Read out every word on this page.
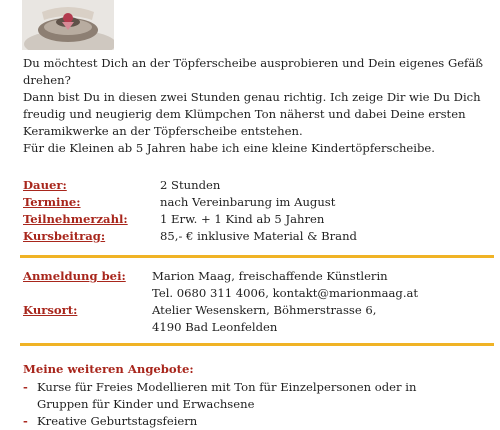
Du möchtest Dich an der Töpferscheibe ausprobieren und Dein eigenes Gefäß drehen?

Dann bist Du in diesen zwei Stunden genau richtig. Ich zeige Dir wie Du Dich freudig und neugierig dem Klümpchen Ton näherst und dabei Deine ersten Keramikwerke an der Töpferscheibe entstehen.

Für die Kleinen ab 5 Jahren habe ich eine kleine Kindertöpferscheibe.

Dauer:	2 Stunden
Termine:	nach Vereinbarung im August
Teilnehmerzahl:	1 Erw. + 1 Kind ab 5 Jahren
Kursbeitrag:	85,- € inklusive Material & Brand
Anmeldung bei:	Marion Maag, freischaffende Künstlerin
Tel. 0680 311 4006, kontakt@marionmaag.at
Kursort:	Atelier Wesenskern, Böhmerstrasse 6,
4190 Bad Leonfelden
Meine weiteren Angebote:
- Kurse für Freies Modellieren mit Ton für Einzelpersonen oder in
Gruppen für Kinder und Erwachsene
- Kreative Geburtstagsfeiern
